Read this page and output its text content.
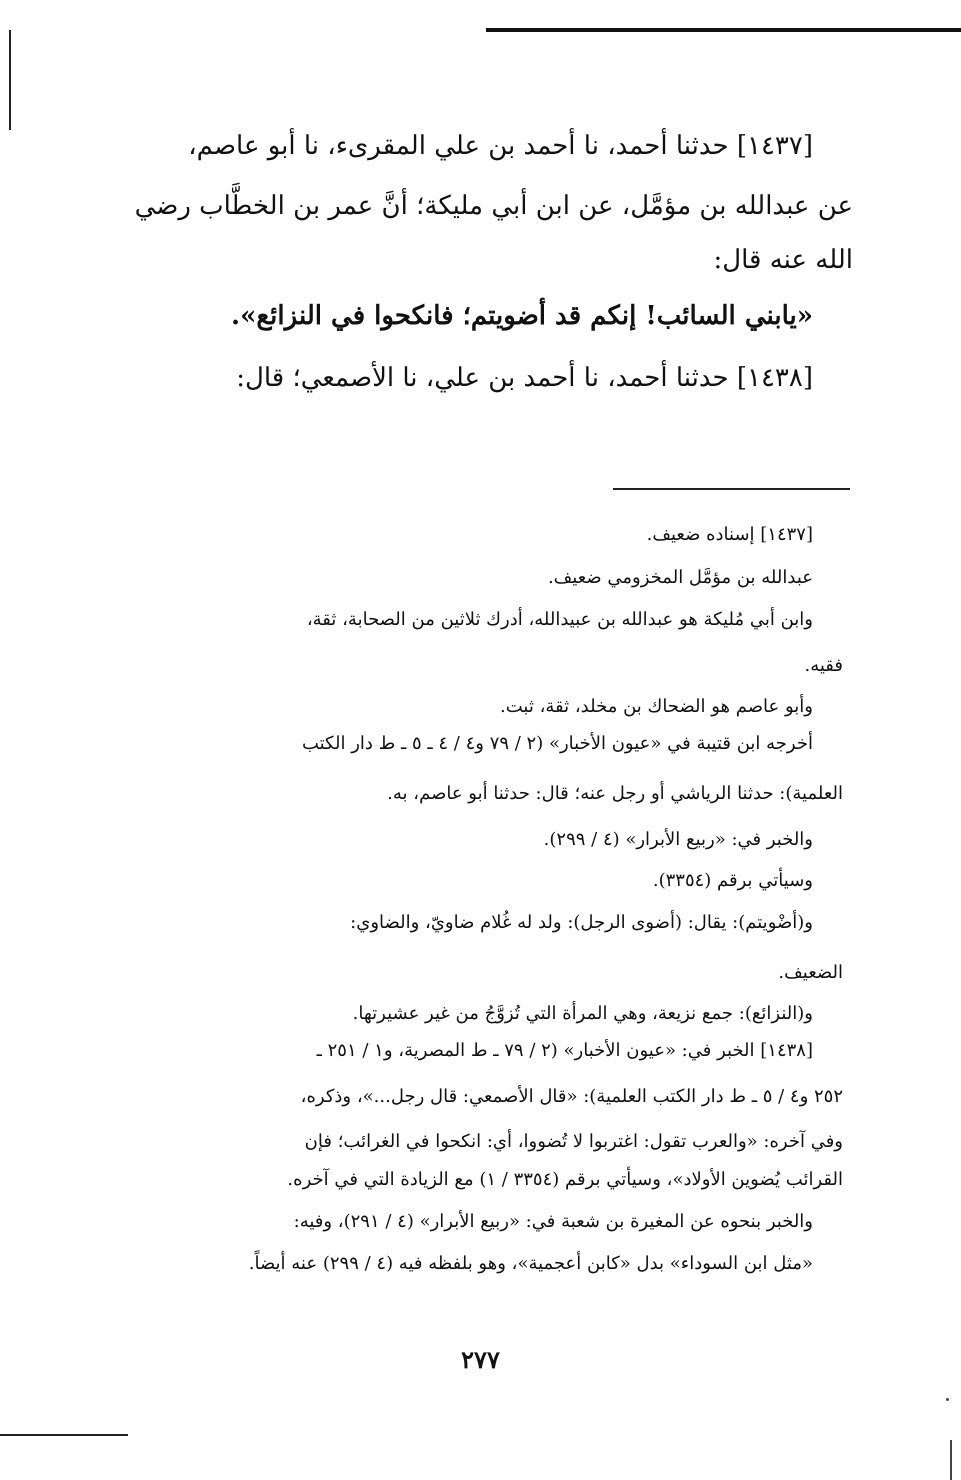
[١٤٣٧] حدثنا أحمد، نا أحمد بن علي المقرىء، نا أبو عاصم،

عن عبدالله بن مؤمَّل، عن ابن أبي مليكة؛ أنَّ عمر بن الخطَّاب رضي

الله عنه قال:

«يابني السائب! إنكم قد أضويتم؛ فانكحوا في النزائع».

[١٤٣٨] حدثنا أحمد، نا أحمد بن علي، نا الأصمعي؛ قال:

[١٤٣٧] إسناده ضعيف.

عبدالله بن مؤمَّل المخزومي ضعيف.

وابن أبي مُليكة هو عبدالله بن عبيدالله، أدرك ثلاثين من الصحابة، ثقة،

فقيه.

وأبو عاصم هو الضحاك بن مخلد، ثقة، ثبت.

أخرجه ابن قتيبة في «عيون الأخبار» (٢ / ٧٩ و٤ / ٤ ـ ٥ ـ ط دار الكتب

العلمية): حدثنا الرياشي أو رجل عنه؛ قال: حدثنا أبو عاصم، به.

والخبر في: «ربيع الأبرار» (٤ / ٢٩٩).

وسيأتي برقم (٣٣٥٤).

و(أضْويتم): يقال: (أضوى الرجل): ولد له غُلام ضاويّ، والضاوي:

الضعيف.

و(النزائع): جمع نزيعة، وهي المرأة التي تُزوَّجُ من غير عشيرتها.

[١٤٣٨] الخبر في: «عيون الأخبار» (٢ / ٧٩ ـ ط المصرية، و١ / ٢٥١ ـ

٢٥٢ و٤ / ٥ ـ ط دار الكتب العلمية): «قال الأصمعي: قال رجل...»، وذكره،

وفي آخره: «والعرب تقول: اغتربوا لا تُضووا، أي: انكحوا في الغرائب؛ فإن

القرائب يُضوين الأولاد»، وسيأتي برقم (٣٣٥٤ / ١) مع الزيادة التي في آخره.

والخبر بنحوه عن المغيرة بن شعبة في: «ربيع الأبرار» (٤ / ٢٩١)، وفيه:

«مثل ابن السوداء» بدل «كابن أعجمية»، وهو بلفظه فيه (٤ / ٢٩٩) عنه أيضاً.

٢٧٧
